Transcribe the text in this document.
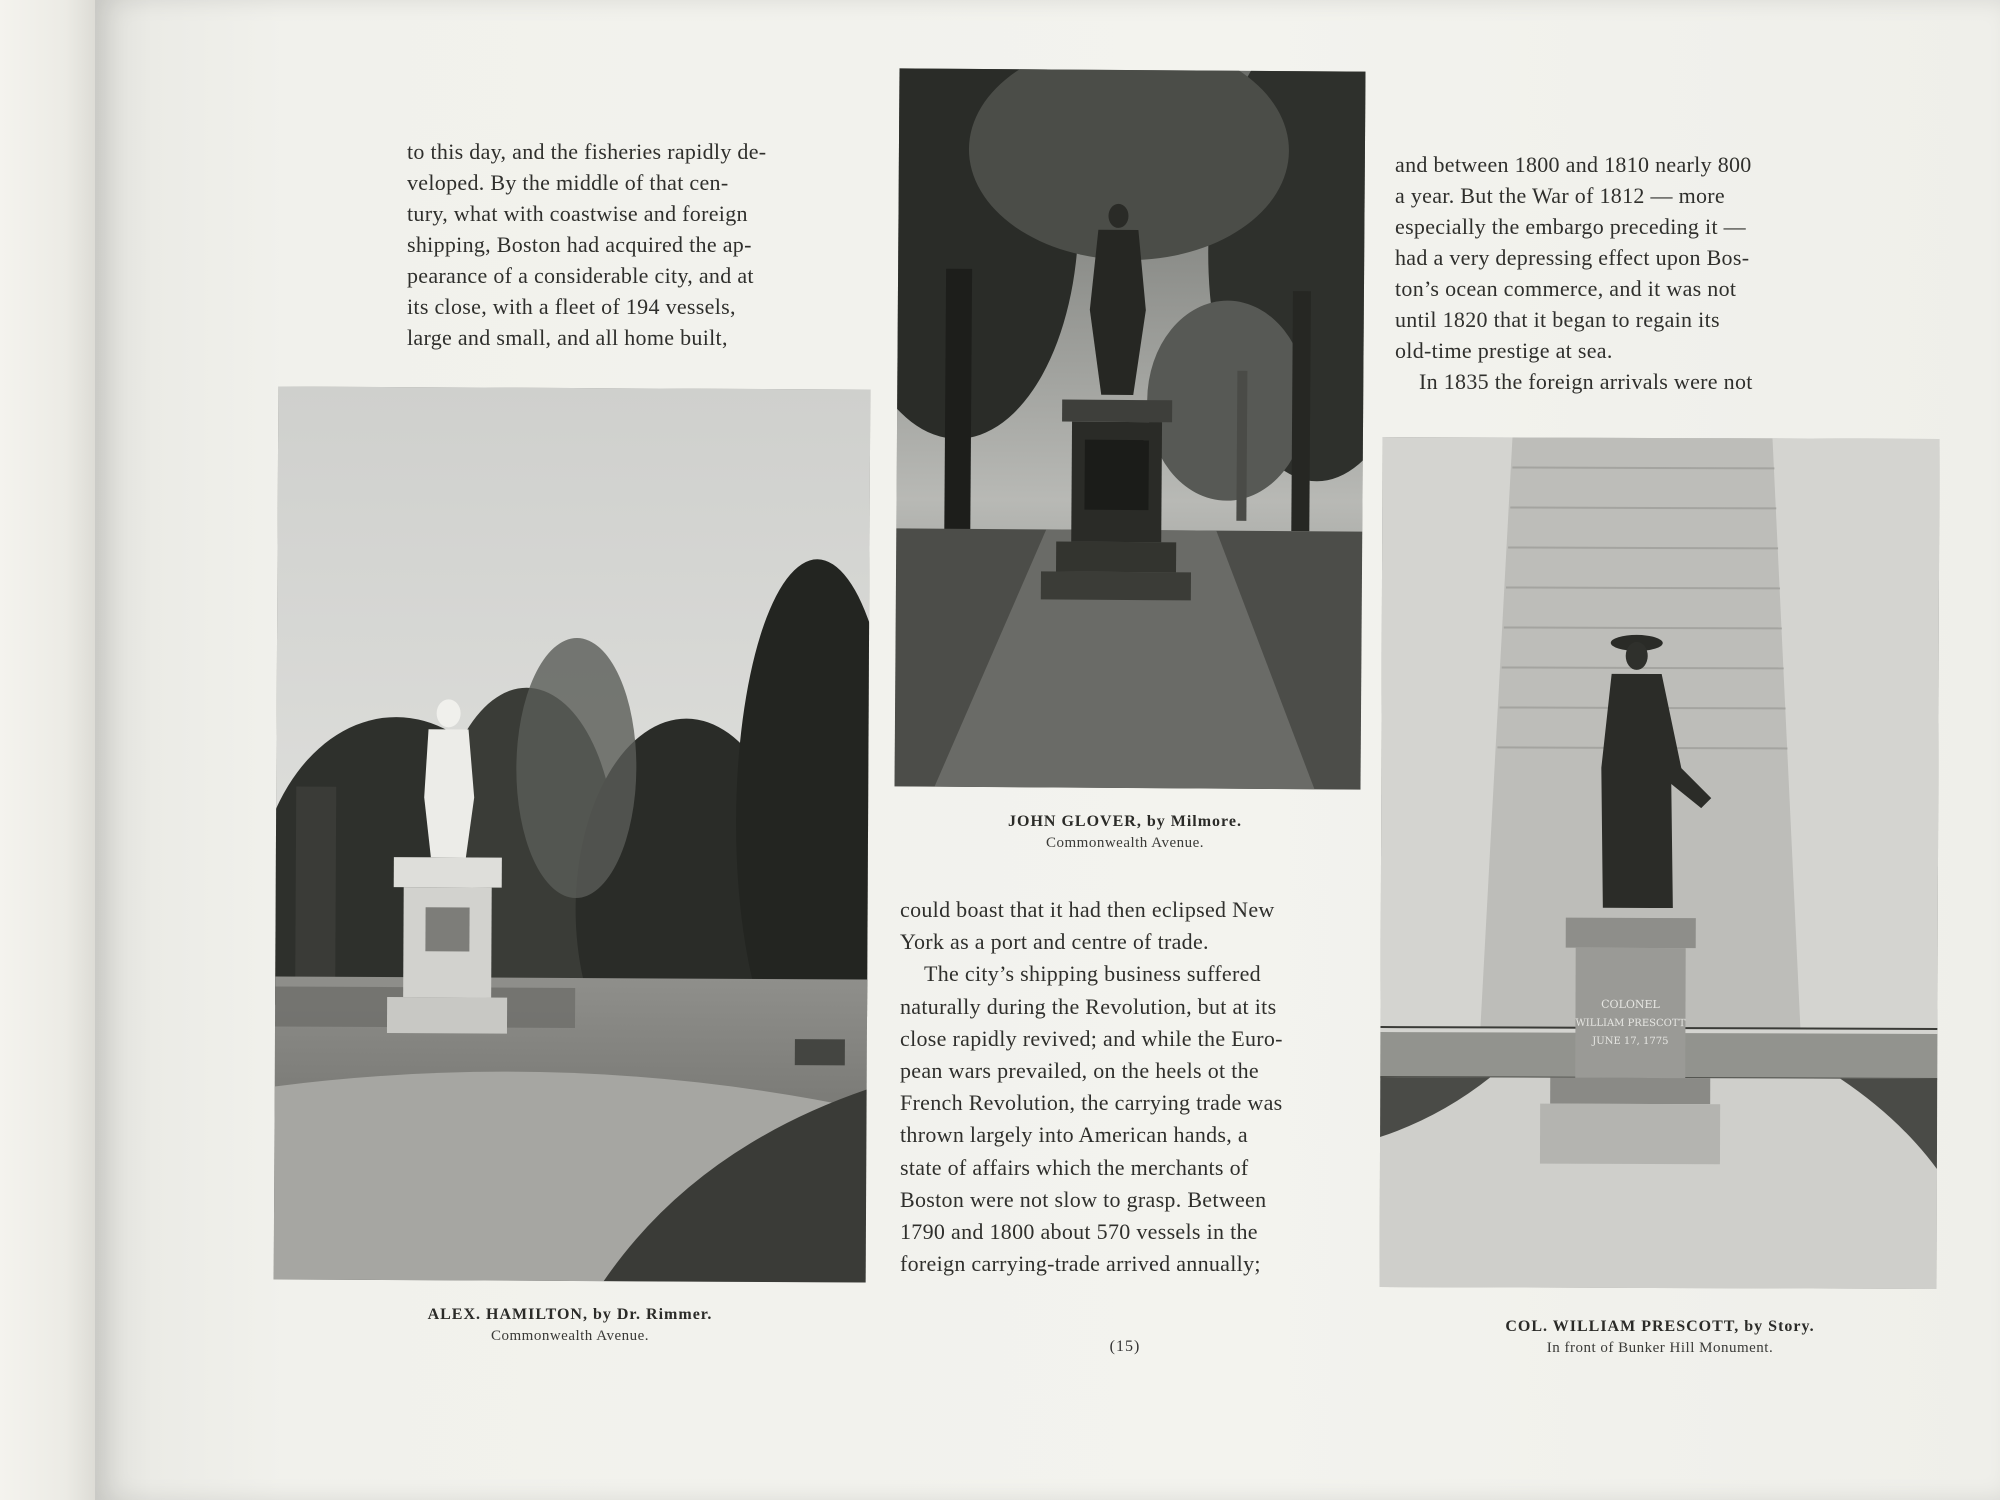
to this day, and the fisheries rapidly de-

veloped. By the middle of that cen-

tury, what with coastwise and foreign

shipping, Boston had acquired the ap-

pearance of a considerable city, and at

its close, with a fleet of 194 vessels,

large and small, and all home built,

COLONEL
WILLIAM PRESCOTT
JUNE 17, 1775

could boast that it had then eclipsed New

York as a port and centre of trade.

The city’s shipping business suffered

naturally during the Revolution, but at its

close rapidly revived; and while the Euro-

pean wars prevailed, on the heels ot the

French Revolution, the carrying trade was

thrown largely into American hands, a

state of affairs which the merchants of

Boston were not slow to grasp. Between

1790 and 1800 about 570 vessels in the

foreign carrying-trade arrived annually;

and between 1800 and 1810 nearly 800

a year. But the War of 1812 — more

especially the embargo preceding it —

had a very depressing effect upon Bos-

ton’s ocean commerce, and it was not

until 1820 that it began to regain its

old-time prestige at sea.

In 1835 the foreign arrivals were not

ALEX. HAMILTON, by Dr. Rimmer.
Commonwealth Avenue.
JOHN GLOVER, by Milmore.
Commonwealth Avenue.
COL. WILLIAM PRESCOTT, by Story.
In front of Bunker Hill Monument.
(15)
